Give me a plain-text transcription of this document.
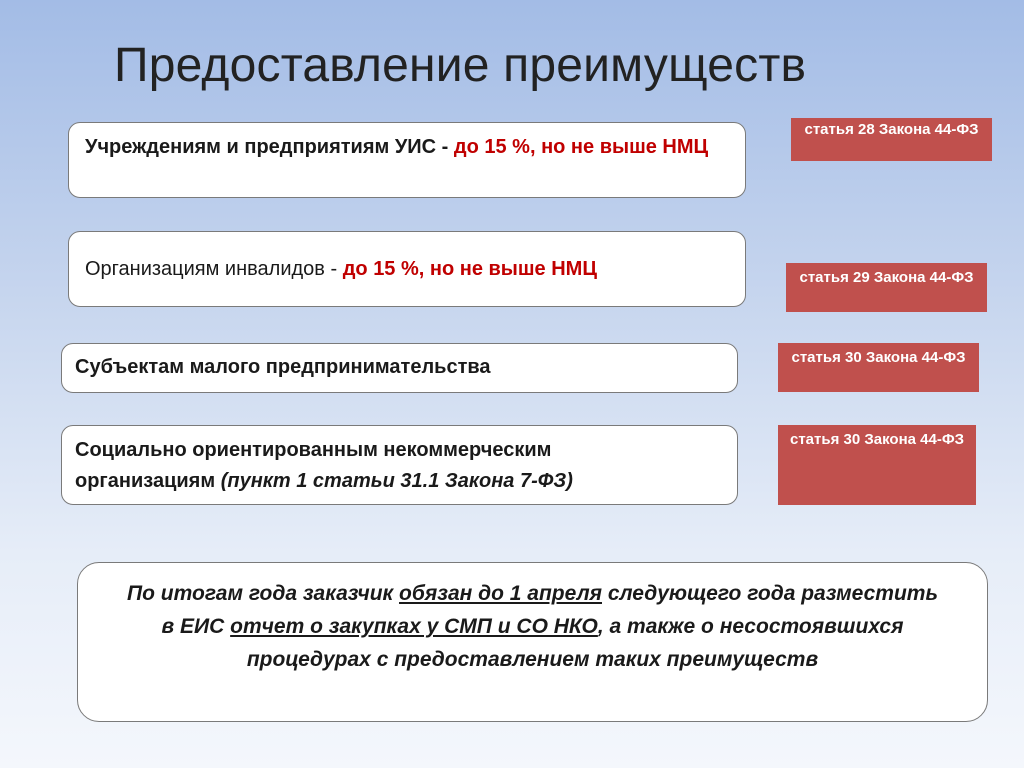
Предоставление преимуществ
Учреждениям и предприятиям УИС - до 15 %, но не выше НМЦ
статья 28 Закона 44-ФЗ
Организациям инвалидов - до 15 %, но не выше НМЦ	статья 29 Закона 44-ФЗ
Субъектам малого предпринимательства	статья 30 Закона 44-ФЗ
Социально ориентированным некоммерческим организациям (пункт 1 статьи 31.1 Закона 7-ФЗ)
статья 30 Закона 44-ФЗ
По итогам года заказчик обязан до 1 апреля следующего года разместить в ЕИС отчет о закупках у СМП и СО НКО, а также о несостоявшихся процедурах с предоставлением таких преимуществ
